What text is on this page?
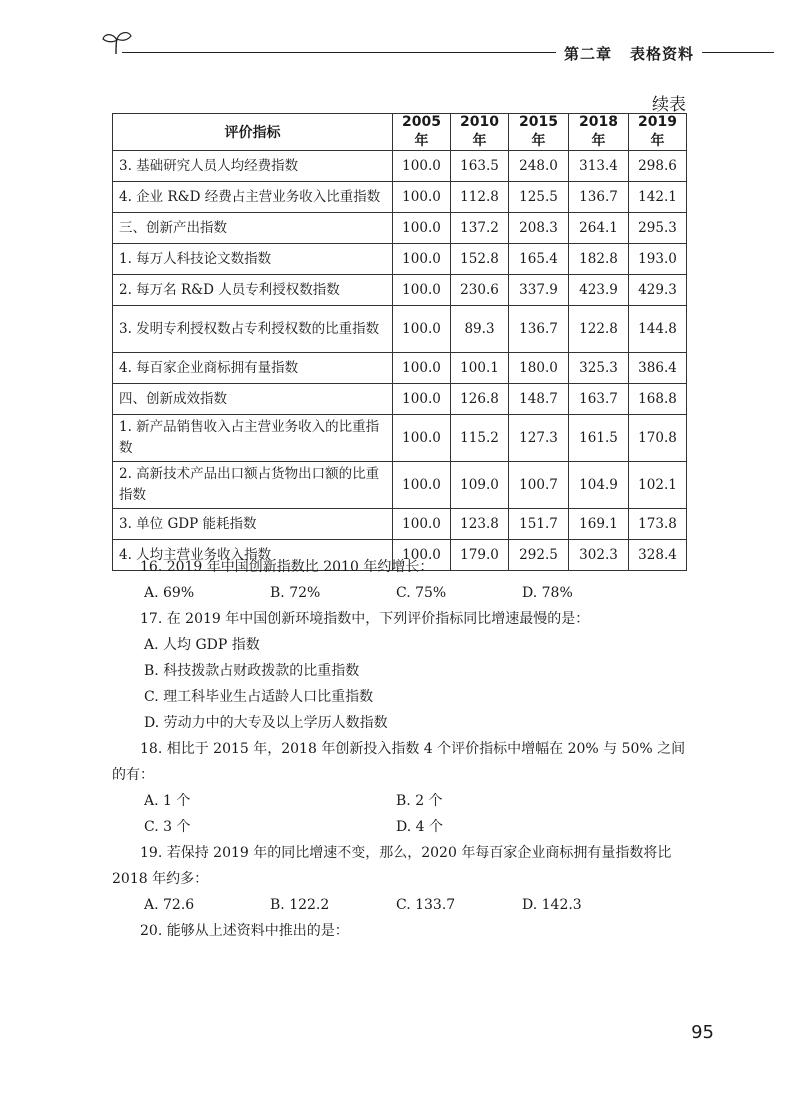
第二章 表格资料
续表
评价指标	2005 年	2010 年	2015 年	2018 年	2019 年
3. 基础研究人员人均经费指数	100.0	163.5	248.0	313.4	298.6
4. 企业 R&D 经费占主营业务收入比重指数	100.0	112.8	125.5	136.7	142.1
三、创新产出指数	100.0	137.2	208.3	264.1	295.3
1. 每万人科技论文数指数	100.0	152.8	165.4	182.8	193.0
2. 每万名 R&D 人员专利授权数指数	100.0	230.6	337.9	423.9	429.3
3. 发明专利授权数占专利授权数的比重指数	100.0	89.3	136.7	122.8	144.8
4. 每百家企业商标拥有量指数	100.0	100.1	180.0	325.3	386.4
四、创新成效指数	100.0	126.8	148.7	163.7	168.8
1. 新产品销售收入占主营业务收入的比重指数	100.0	115.2	127.3	161.5	170.8
2. 高新技术产品出口额占货物出口额的比重指数	100.0	109.0	100.7	104.9	102.1
3. 单位 GDP 能耗指数	100.0	123.8	151.7	169.1	173.8
4. 人均主营业务收入指数	100.0	179.0	292.5	302.3	328.4

16. 2019 年中国创新指数比 2010 年约增长：

A. 69%	B. 72%	C. 75%	D. 78%

17. 在 2019 年中国创新环境指数中，下列评价指标同比增速最慢的是：

A. 人均 GDP 指数
B. 科技拨款占财政拨款的比重指数
C. 理工科毕业生占适龄人口比重指数
D. 劳动力中的大专及以上学历人数指数

18. 相比于 2015 年，2018 年创新投入指数 4 个评价指标中增幅在 20% 与 50% 之间的有：

A. 1 个	B. 2 个
C. 3 个	D. 4 个

19. 若保持 2019 年的同比增速不变，那么，2020 年每百家企业商标拥有量指数将比 2018 年约多：

A. 72.6	B. 122.2	C. 133.7	D. 142.3

20. 能够从上述资料中推出的是：

95
